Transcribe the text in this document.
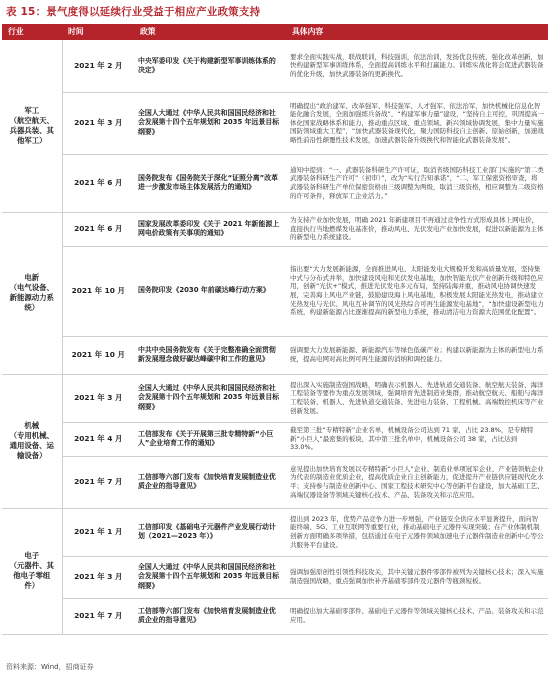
表 15：景气度得以延续行业受益于相应产业政策支持
行业	时间	政策	具体内容
军工
（航空航天、
兵器兵装、其
他军工）	2021 年 2 月	中央军委印发《关于构建新型军事训练体系的决定》	要求全面实践实战，联战联训，科技强训，依法治训，发扬优良传统，强化改革创新，加快构建新型军事训练体系，全面提高训练水平和打赢能力。训练实战化将会促进武器装备的优化升级，加快武器装备的更新换代。
	2021 年 3 月	全国人大通过《中华人民共和国国民经济和社会发展第十四个五年规划和 2035 年远景目标纲要》	明确提出“政治建军、改革强军、科技强军、人才强军、依法治军，加快机械化信息化智能化融合发展，全面加强练兵备战”，“构建军事力量”建设，“坚持自主可控，巩固提高一体化国家战略体系和能力，推动重点区域、重点领域、新兴领域协调发展，集中力量实施国防领域重大工程”，“加快武器装备现代化，聚力国防科技自主创新、原始创新，加速战略性前沿性颠覆性技术发展，加速武器装备升级换代和智能化武器装备发展”。
	2021 年 6 月	国务院发布《国务院关于深化“证照分离”改革进一步激发市场主体发展活力的通知》	通知中提到：“一、武器装备科研生产许可证，取消省级国防科技工业部门实施的“第二类武器装备科研生产许可”（初审）”，改为“实行告知承诺”，“二、军工保密资格审查，将武器装备科研生产单位保密资格由三级调整为两级，取消三级资格，相应调整为二级资格的许可条件，释放军工企业活力。”
电新
（电气设备、
新能源动力系
统）	2021 年 6 月	国家发展改革委印发《关于 2021 年新能源上网电价政策有关事项的通知》	为支持产业加快发展，明确 2021 年新建项目不再通过竞争性方式形成具体上网电价，直接执行当地燃煤发电基准价，推动风电、光伏发电产业加快发展，促进以新能源为主体的新型电力系统建设。
	2021 年 10 月	国务院印发《2030 年前碳达峰行动方案》	指出要“大力发展新能源，全面推进风电、太阳能发电大规模开发和高质量发展，坚持集中式与分布式并举，加快建设风电和光伏发电基地，加快智能光伏产业创新升级和特色应用，创新“光伏+”模式，推进光伏发电多元布局，坚持陆海并重，推动风电协调快速发展，完善海上风电产业链，鼓励建设海上风电基地，积极发展太阳能光热发电，推动建立光热发电与光伏、风电互补调节的风光热综合可再生能源发电基地”，“加快建设新型电力系统，构建新能源占比逐渐提高的新型电力系统，推动清洁电力资源大范围优化配置”。
	2021 年 10 月	中共中央国务院发布《关于完整准确全面贯彻新发展理念做好碳达峰碳中和工作的意见》	强调要大力发展新能源、新能源汽车等绿色低碳产业；构建以新能源为主体的新型电力系统，提高电网对高比例可再生能源的消纳和调控能力。
机械
（专用机械、
通用设备、运
输设备）	2021 年 3 月	全国人大通过《中华人民共和国国民经济和社会发展第十四个五年规划和 2035 年远景目标纲要》	提出深入实施制造强国战略，明确表示机器人、先进轨道交通装备、航空航天装备、海洋工程装备等要作为重点发展领域，强调培育先进制造业集群，推动航空航天、船舶与海洋工程装备、机器人、先进轨道交通装备、先进电力装备、工程机械、高端数控机床等产业创新发展。
	2021 年 4 月	工信部发布《关于开展第三批专精特新“小巨人”企业培育工作的通知》	截至第三批“专精特新”企业名单，机械设备公司达到 71 家，占比 23.8%，是专精特新“小巨人”最密集的板块，其中第三批名单中，机械设备公司 38 家，占比达到 33.0%。
	2021 年 7 月	工信部等六部门发布《加快培育发展制造业优质企业的指导意见》	意见提出加快培育发展以专精特新“小巨人”企业、制造业单项冠军企业、产业链领航企业为代表的制造业优质企业，提高优质企业自主创新能力，促进提升产业链供应链现代化水平；支持参与制造业创新中心、国家工程技术研究中心等创新平台建设，加大基础工艺、高端仪器设备等领域关键核心技术、产品、装备攻关和示范应用。
电子
（元器件、其
他电子零组
件）	2021 年 1 月	工信部印发《基础电子元器件产业发展行动计划（2021—2023 年）》	提出到 2023 年，优势产品竞争力进一步增强，产业链安全供应水平显著提升，面向智能终端、5G、工业互联网等重要行业，推动基础电子元器件实现突破；在产业体制机制创新方面明确多项举措，包括通过在电子元器件领域加速电子元器件制造业创新中心等公共服务平台建设。
	2021 年 3 月	全国人大通过《中华人民共和国国民经济和社会发展第十四个五年规划和 2035 年远景目标纲要》	强调加强原创性引领性科技攻关，其中关键元器件零部件被列为关键核心技术；深入实施制造强国战略，重点强调加快补齐基础零部件及元器件等瓶颈短板。
	2021 年 7 月	工信部等六部门发布《加快培育发展制造业优质企业的指导意见》	明确提出加大基础零部件、基础电子元器件等领域关键核心技术、产品、装备攻关和示范应用。
资料来源：Wind，招商证券
